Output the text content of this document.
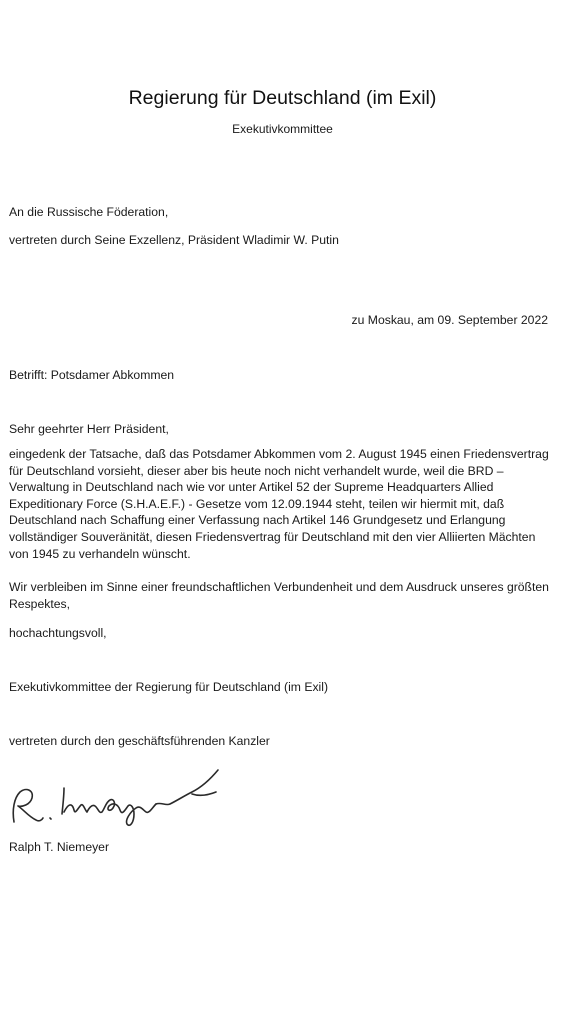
Regierung für Deutschland (im Exil)
Exekutivkommittee
An die Russische Föderation,
vertreten durch Seine Exzellenz, Präsident Wladimir W. Putin
zu Moskau, am 09. September 2022
Betrifft: Potsdamer Abkommen
Sehr geehrter Herr Präsident,
eingedenk der Tatsache, daß das Potsdamer Abkommen vom 2. August 1945 einen Friedensvertrag für Deutschland vorsieht, dieser aber bis heute noch nicht verhandelt wurde, weil die BRD – Verwaltung in Deutschland nach wie vor unter Artikel 52 der Supreme Headquarters Allied Expeditionary Force (S.H.A.E.F.) - Gesetze vom 12.09.1944 steht, teilen wir hiermit mit, daß Deutschland nach Schaffung einer Verfassung nach Artikel 146 Grundgesetz und Erlangung vollständiger Souveränität, diesen Friedensvertrag für Deutschland mit den vier Alliierten Mächten von 1945 zu verhandeln wünscht.
Wir verbleiben im Sinne einer freundschaftlichen Verbundenheit und dem Ausdruck unseres größten Respektes,
hochachtungsvoll,
Exekutivkommittee der Regierung für Deutschland (im Exil)
vertreten durch den geschäftsführenden Kanzler
Ralph T. Niemeyer
